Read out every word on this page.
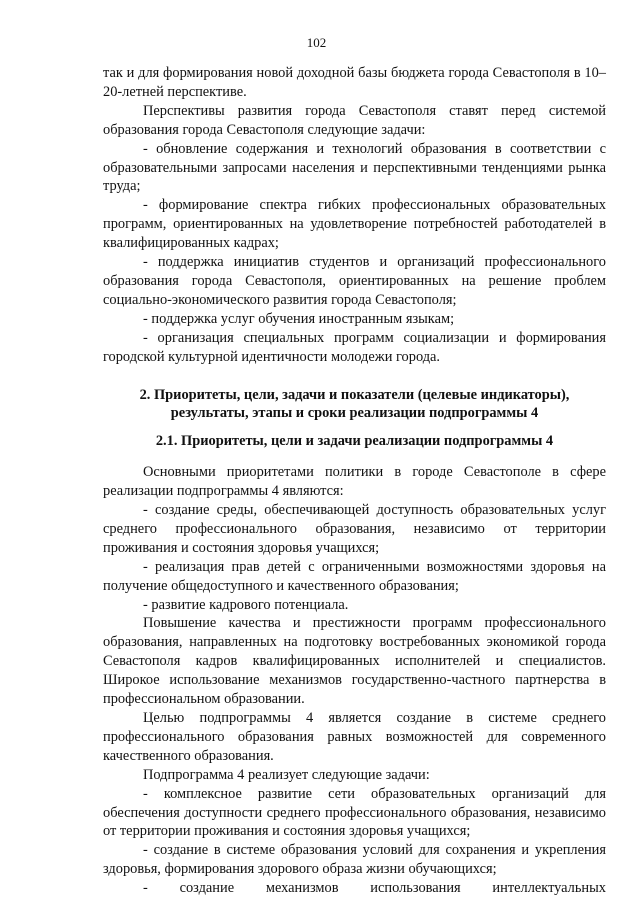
102

так и для формирования новой доходной базы бюджета города Севастополя в 10–20-летней перспективе.

Перспективы развития города Севастополя ставят перед системой образования города Севастополя следующие задачи:

- обновление содержания и технологий образования в соответствии с образовательными запросами населения и перспективными тенденциями рынка труда;

- формирование спектра гибких профессиональных образовательных программ, ориентированных на удовлетворение потребностей работодателей в квалифицированных кадрах;

- поддержка инициатив студентов и организаций профессионального образования города Севастополя, ориентированных на решение проблем социально-экономического развития города Севастополя;

- поддержка услуг обучения иностранным языкам;

- организация специальных программ социализации и формирования городской культурной идентичности молодежи города.

2. Приоритеты, цели, задачи и показатели (целевые индикаторы), результаты, этапы и сроки реализации подпрограммы 4

2.1. Приоритеты, цели и задачи реализации подпрограммы 4

Основными приоритетами политики в городе Севастополе в сфере реализации подпрограммы 4 являются:

- создание среды, обеспечивающей доступность образовательных услуг среднего профессионального образования, независимо от территории проживания и состояния здоровья учащихся;

- реализация прав детей с ограниченными возможностями здоровья на получение общедоступного и качественного образования;

- развитие кадрового потенциала.

Повышение качества и престижности программ профессионального образования, направленных на подготовку востребованных экономикой города Севастополя кадров квалифицированных исполнителей и специалистов. Широкое использование механизмов государственно-частного партнерства в профессиональном образовании.

Целью подпрограммы 4 является создание в системе среднего профессионального образования равных возможностей для современного качественного образования.

Подпрограмма 4 реализует следующие задачи:

- комплексное развитие сети образовательных организаций для обеспечения доступности среднего профессионального образования, независимо от территории проживания и состояния здоровья учащихся;

- создание в системе образования условий для сохранения и укрепления здоровья, формирования здорового образа жизни обучающихся;

- создание механизмов использования интеллектуальных
